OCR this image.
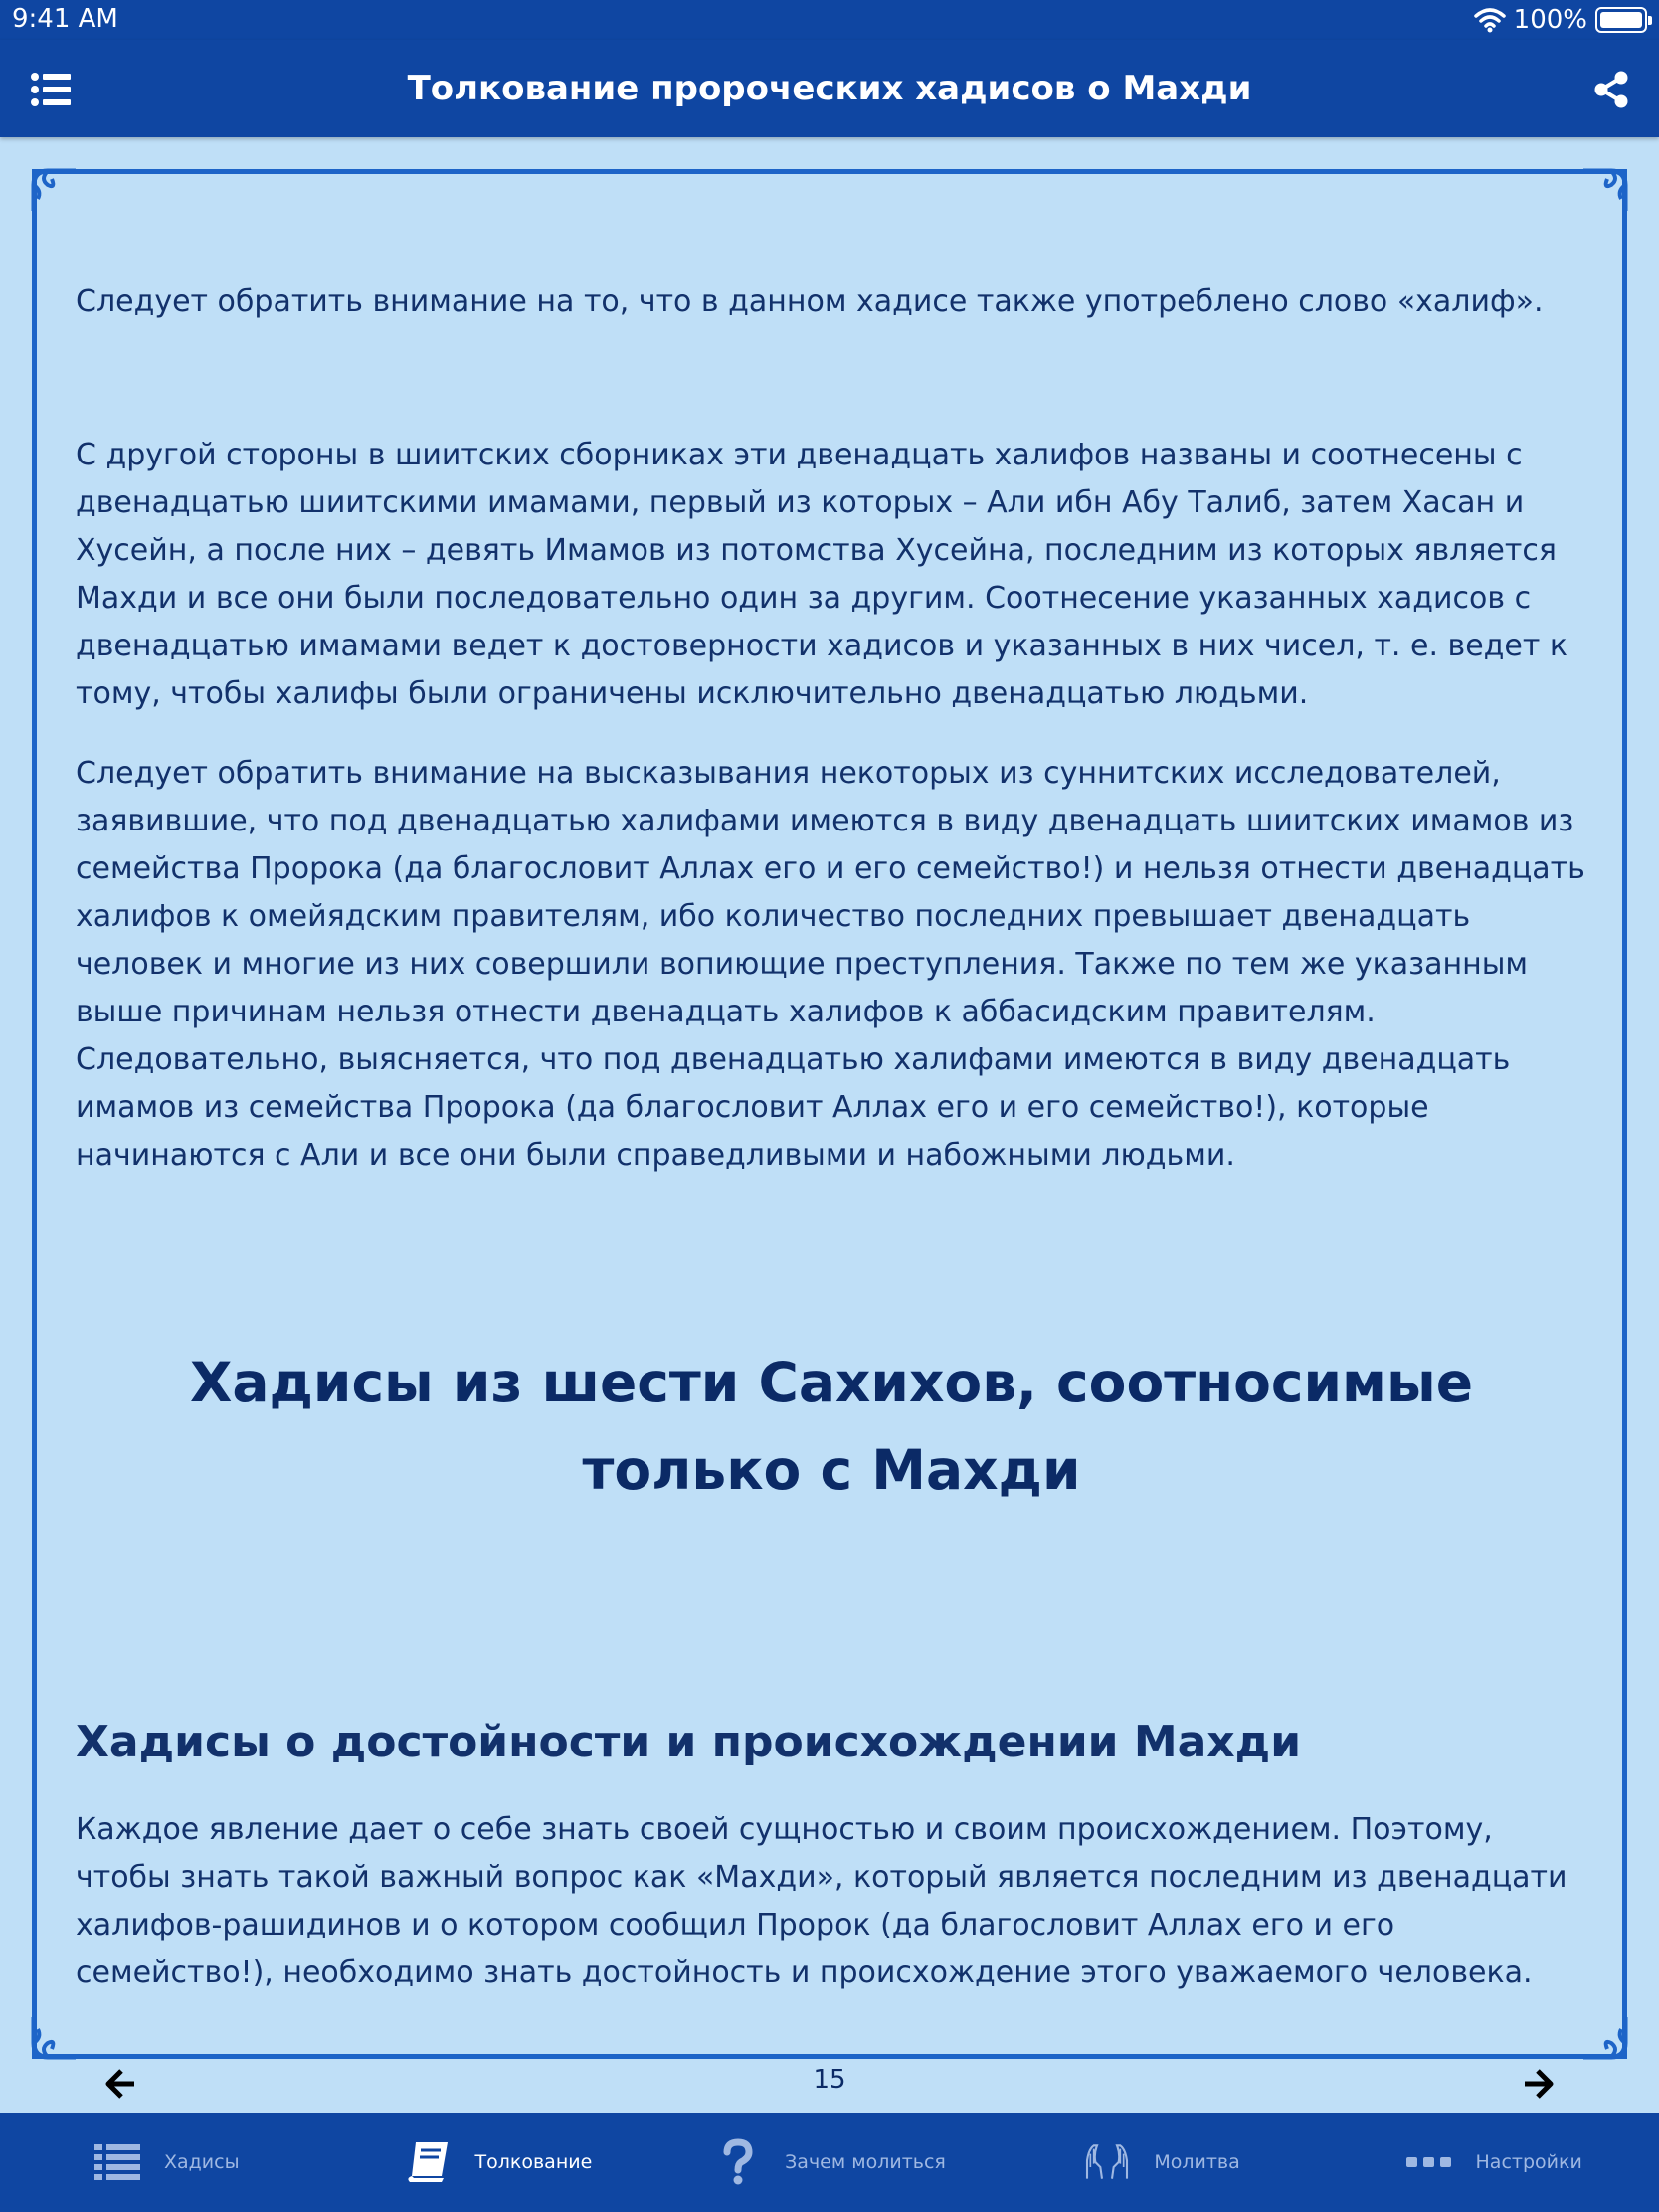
9:41 AM	100%
Толкование пророческих хадисов о Махди

Следует обратить внимание на то, что в данном хадисе также употреблено слово «халиф».

С другой стороны в шиитских сборниках эти двенадцать халифов названы и соотнесены с двенадцатью шиитскими имамами, первый из которых – Али ибн Абу Талиб, затем Хасан и Хусейн, а после них – девять Имамов из потомства Хусейна, последним из которых является Махди и все они были последовательно один за другим. Соотнесение указанных хадисов с двенадцатью имамами ведет к достоверности хадисов и указанных в них чисел, т. е. ведет к тому, чтобы халифы были ограничены исключительно двенадцатью людьми.

Следует обратить внимание на высказывания некоторых из суннитских исследователей, заявившие, что под двенадцатью халифами имеются в виду двенадцать шиитских имамов из семейства Пророка (да благословит Аллах его и его семейство!) и нельзя отнести двенадцать халифов к омейядским правителям, ибо количество последних превышает двенадцать человек и многие из них совершили вопиющие преступления. Также по тем же указанным выше причинам нельзя отнести двенадцать халифов к аббасидским правителям. Следовательно, выясняется, что под двенадцатью халифами имеются в виду двенадцать имамов из семейства Пророка (да благословит Аллах его и его семейство!), которые начинаются с Али и все они были справедливыми и набожными людьми.

Хадисы из шести Сахихов, соотносимые только с Махди
Хадисы о достойности и происхождении Махди

Каждое явление дает о себе знать своей сущностью и своим происхождением. Поэтому, чтобы знать такой важный вопрос как «Махди», который является последним из двенадцати халифов-рашидинов и о котором сообщил Пророк (да благословит Аллах его и его семейство!), необходимо знать достойность и происхождение этого уважаемого человека.

15
Хадисы	Толкование	Зачем молиться	Молитва	Настройки
